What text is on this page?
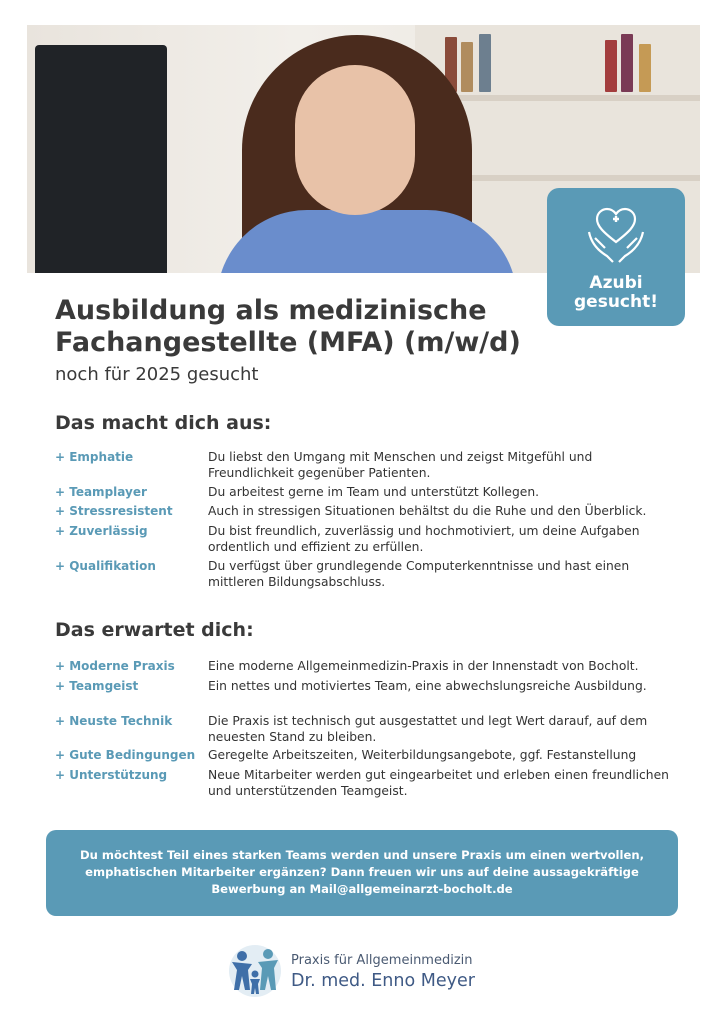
Azubi
gesucht!
Ausbildung als medizinische
Fachangestellte (MFA) (m/w/d)
noch für 2025 gesucht
Das macht dich aus:
+ Emphatie	Du liebst den Umgang mit Menschen und zeigst Mitgefühl und Freundlichkeit gegenüber Patienten.
+ Teamplayer	Du arbeitest gerne im Team und unterstützt Kollegen.
+ Stressresistent	Auch in stressigen Situationen behältst du die Ruhe und den Überblick.
+ Zuverlässig	Du bist freundlich, zuverlässig und hochmotiviert, um deine Aufgaben ordentlich und effizient zu erfüllen.
+ Qualifikation	Du verfügst über grundlegende Computerkenntnisse und hast einen mittleren Bildungsabschluss.
Das erwartet dich:
+ Moderne Praxis	Eine moderne Allgemeinmedizin-Praxis in der Innenstadt von Bocholt.
+ Teamgeist	Ein nettes und motiviertes Team, eine abwechslungsreiche Ausbildung.
+ Neuste Technik	Die Praxis ist technisch gut ausgestattet und legt Wert darauf, auf dem neuesten Stand zu bleiben.
+ Gute Bedingungen	Geregelte Arbeitszeiten, Weiterbildungsangebote, ggf. Festanstellung
+ Unterstützung	Neue Mitarbeiter werden gut eingearbeitet und erleben einen freundlichen und unterstützenden Teamgeist.
Du möchtest Teil eines starken Teams werden und unsere Praxis um einen wertvollen,
emphatischen Mitarbeiter ergänzen? Dann freuen wir uns auf deine aussagekräftige
Bewerbung an Mail@allgemeinarzt-bocholt.de
Praxis für Allgemeinmedizin
Dr. med. Enno Meyer
